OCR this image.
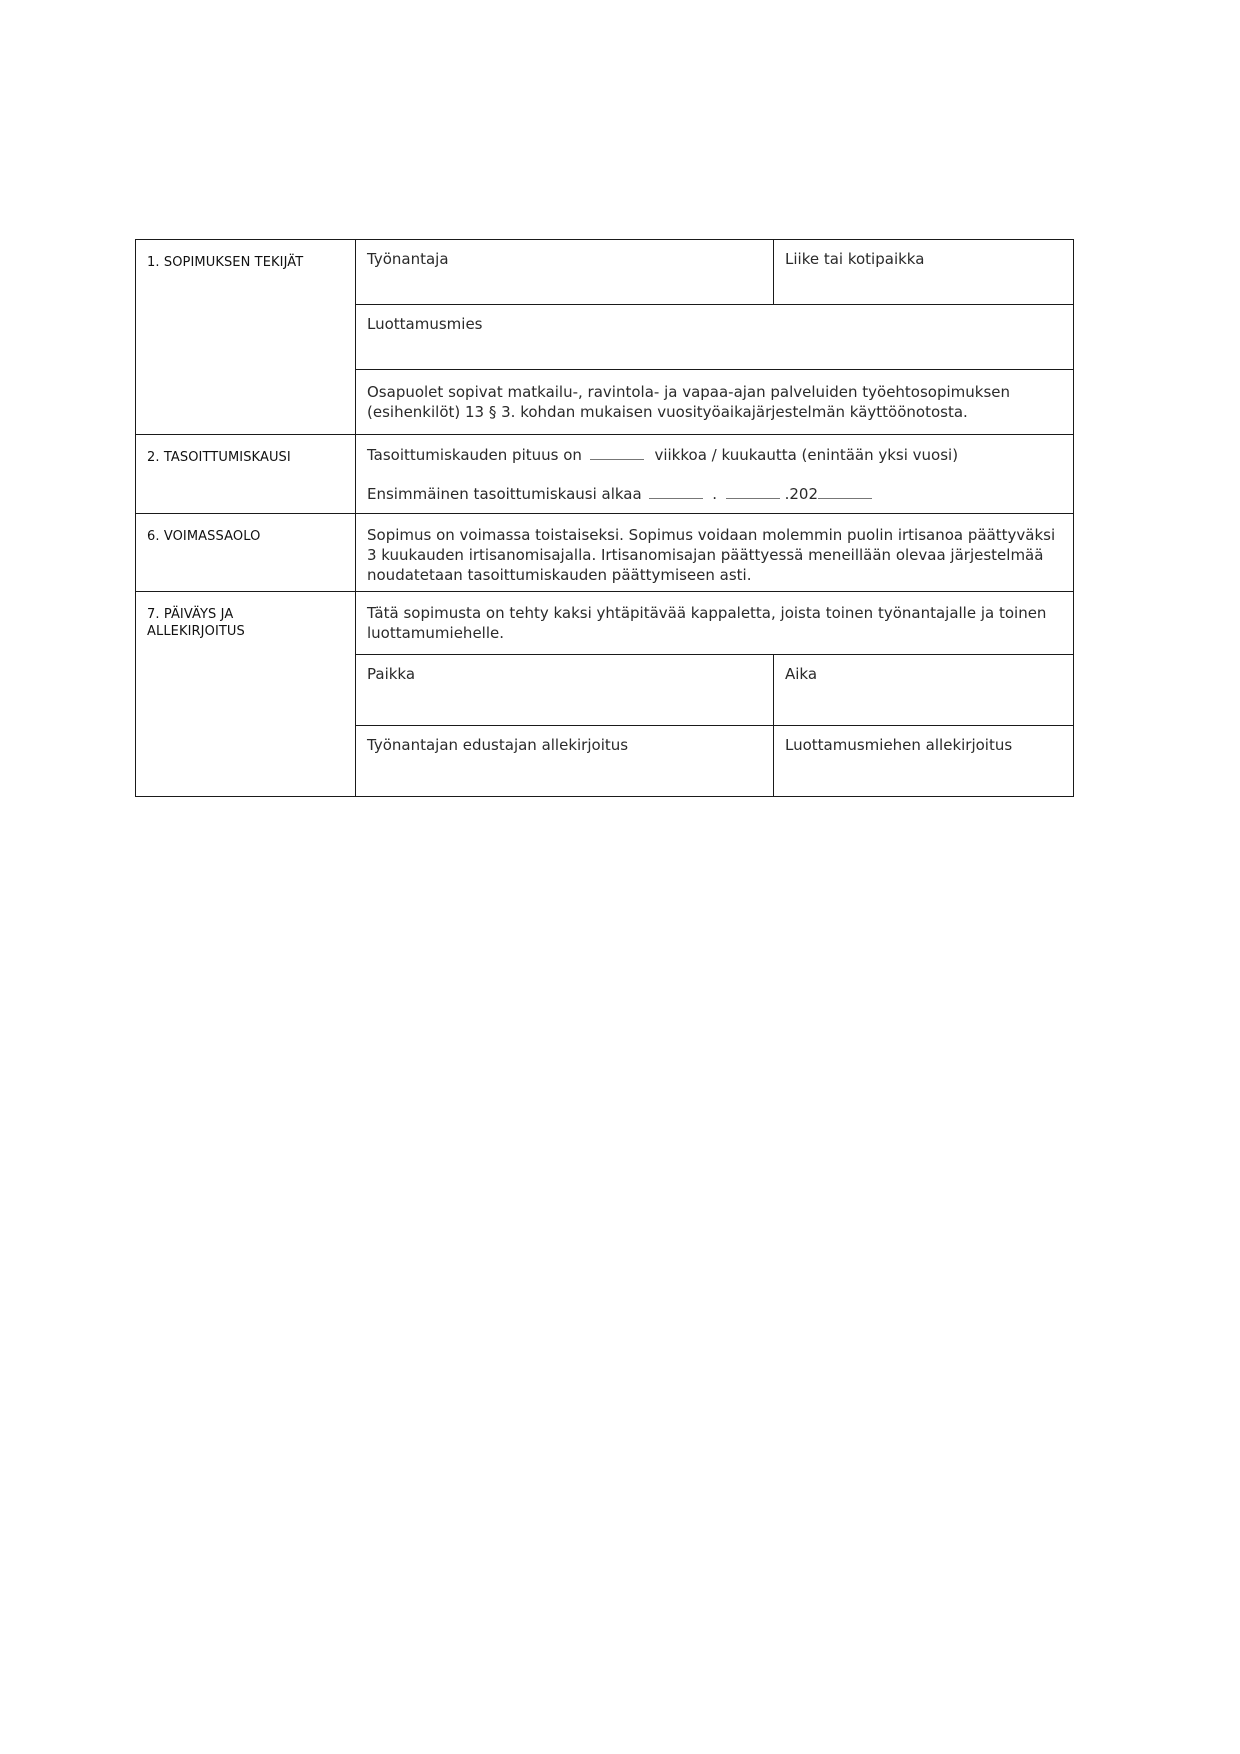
1. SOPIMUKSEN TEKIJÄT	Työnantaja	Liike tai kotipaikka
	Luottamusmies	
	Osapuolet sopivat matkailu-, ravintola- ja vapaa-ajan palveluiden työehtosopimuksen (esihenkilöt) 13 § 3. kohdan mukaisen vuosityöaikajärjestelmän käyttöönotosta.	
2. TASOITTUMISKAUSI	Tasoittumiskauden pituus on viikkoa / kuukautta (enintään yksi vuosi)
Ensimmäinen tasoittumiskausi alkaa . .202	

6. VOIMASSAOLO	Sopimus on voimassa toistaiseksi. Sopimus voidaan molemmin puolin irtisanoa päättyväksi 3 kuukauden irtisanomisajalla. Irtisanomisajan päättyessä meneillään olevaa järjestelmää noudatetaan tasoittumiskauden päättymiseen asti.	

7. PÄIVÄYS JA
ALLEKIRJOITUS	Tätä sopimusta on tehty kaksi yhtäpitävää kappaletta, joista toinen työnantajalle ja toinen luottamumiehelle.	
	Paikka	Aika
	Työnantajan edustajan allekirjoitus	Luottamusmiehen allekirjoitus
